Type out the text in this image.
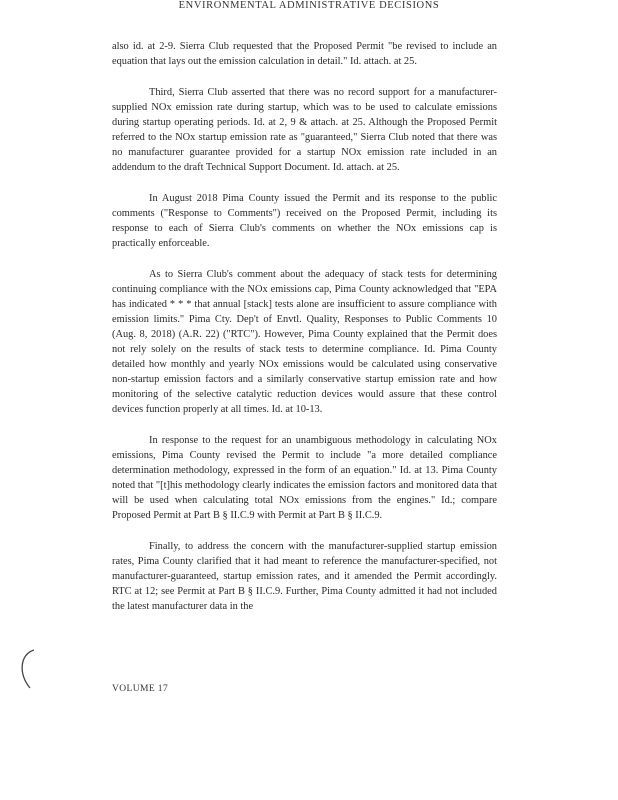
ENVIRONMENTAL ADMINISTRATIVE DECISIONS

also id. at 2-9. Sierra Club requested that the Proposed Permit "be revised to include an equation that lays out the emission calculation in detail." Id. attach. at 25.

Third, Sierra Club asserted that there was no record support for a manufacturer-supplied NOx emission rate during startup, which was to be used to calculate emissions during startup operating periods. Id. at 2, 9 & attach. at 25. Although the Proposed Permit referred to the NOx startup emission rate as "guaranteed," Sierra Club noted that there was no manufacturer guarantee provided for a startup NOx emission rate included in an addendum to the draft Technical Support Document. Id. attach. at 25.

In August 2018 Pima County issued the Permit and its response to the public comments ("Response to Comments") received on the Proposed Permit, including its response to each of Sierra Club's comments on whether the NOx emissions cap is practically enforceable.

As to Sierra Club's comment about the adequacy of stack tests for determining continuing compliance with the NOx emissions cap, Pima County acknowledged that "EPA has indicated * * * that annual [stack] tests alone are insufficient to assure compliance with emission limits." Pima Cty. Dep't of Envtl. Quality, Responses to Public Comments 10 (Aug. 8, 2018) (A.R. 22) ("RTC"). However, Pima County explained that the Permit does not rely solely on the results of stack tests to determine compliance. Id. Pima County detailed how monthly and yearly NOx emissions would be calculated using conservative non-startup emission factors and a similarly conservative startup emission rate and how monitoring of the selective catalytic reduction devices would assure that these control devices function properly at all times. Id. at 10-13.

In response to the request for an unambiguous methodology in calculating NOx emissions, Pima County revised the Permit to include "a more detailed compliance determination methodology, expressed in the form of an equation." Id. at 13. Pima County noted that "[t]his methodology clearly indicates the emission factors and monitored data that will be used when calculating total NOx emissions from the engines." Id.; compare Proposed Permit at Part B § II.C.9 with Permit at Part B § II.C.9.

Finally, to address the concern with the manufacturer-supplied startup emission rates, Pima County clarified that it had meant to reference the manufacturer-specified, not manufacturer-guaranteed, startup emission rates, and it amended the Permit accordingly. RTC at 12; see Permit at Part B § II.C.9. Further, Pima County admitted it had not included the latest manufacturer data in the

VOLUME 17
